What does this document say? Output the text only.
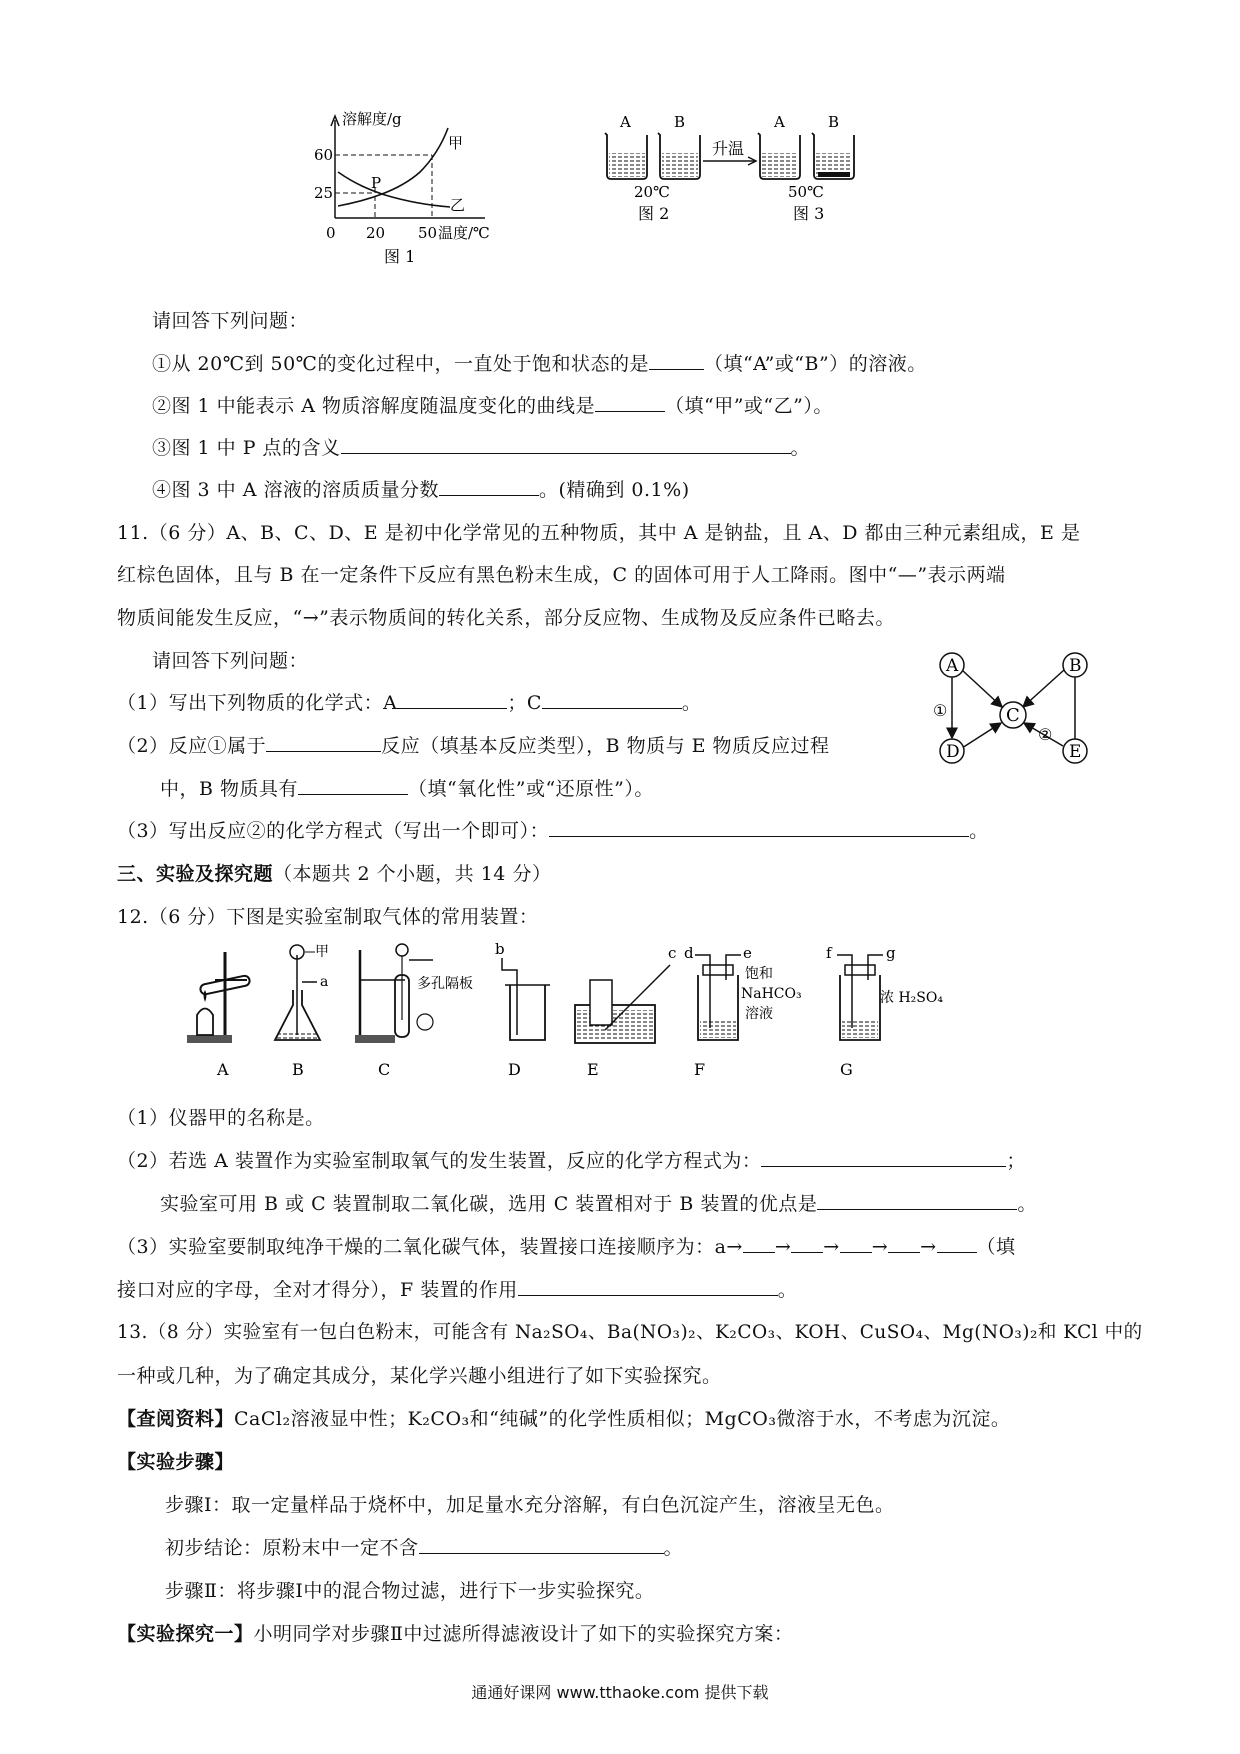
溶解度/g
60
25
0 20 50 温度/℃
甲
乙
P
图 1
A	B	A	B
升温
20℃	50℃
图 2	图 3
请回答下列问题：
①从 20℃到 50℃的变化过程中，一直处于饱和状态的是	（填“A”或“B”）的溶液。
②图 1 中能表示 A 物质溶解度随温度变化的曲线是	（填“甲”或“乙”）。
③图 1 中 P 点的含义	。
④图 3 中 A 溶液的溶质质量分数	。(精确到 0.1%)
11.（6 分）A、B、C、D、E 是初中化学常见的五种物质，其中 A 是钠盐，且 A、D 都由三种元素组成，E 是
红棕色固体，且与 B 在一定条件下反应有黑色粉末生成，C 的固体可用于人工降雨。图中“—”表示两端
物质间能发生反应，“→”表示物质间的转化关系，部分反应物、生成物及反应条件已略去。
请回答下列问题：
（1）写出下列物质的化学式：A	；C	。
（2）反应①属于	反应（填基本反应类型），B 物质与 E 物质反应过程
中，B 物质具有	（填“氧化性”或“还原性”）。
（3）写出反应②的化学方程式（写出一个即可）：	。
A	B
C
D	E
①
②
三、实验及探究题（本题共 2 个小题，共 14 分）
12.（6 分）下图是实验室制取气体的常用装置：
甲
a	多孔隔板
b	c d	e
饱和
NaHCO₃
溶液
f	g
浓 H₂SO₄
A	B	C	D	E	F	G
（1）仪器甲的名称是。
（2）若选 A 装置作为实验室制取氧气的发生装置，反应的化学方程式为：	；
实验室可用 B 或 C 装置制取二氧化碳，选用 C 装置相对于 B 装置的优点是	。
（3）实验室要制取纯净干燥的二氧化碳气体，装置接口连接顺序为：a→ → → → → （填
接口对应的字母，全对才得分），F 装置的作用	。
13.（8 分）实验室有一包白色粉末，可能含有 Na₂SO₄、Ba(NO₃)₂、K₂CO₃、KOH、CuSO₄、Mg(NO₃)₂和 KCl 中的
一种或几种，为了确定其成分，某化学兴趣小组进行了如下实验探究。
【查阅资料】CaCl₂溶液显中性；K₂CO₃和“纯碱”的化学性质相似；MgCO₃微溶于水，不考虑为沉淀。
【实验步骤】
步骤Ⅰ：取一定量样品于烧杯中，加足量水充分溶解，有白色沉淀产生，溶液呈无色。
初步结论：原粉末中一定不含	。
步骤Ⅱ：将步骤Ⅰ中的混合物过滤，进行下一步实验探究。
【实验探究一】小明同学对步骤Ⅱ中过滤所得滤液设计了如下的实验探究方案：
通通好课网 www.tthaoke.com 提供下载
